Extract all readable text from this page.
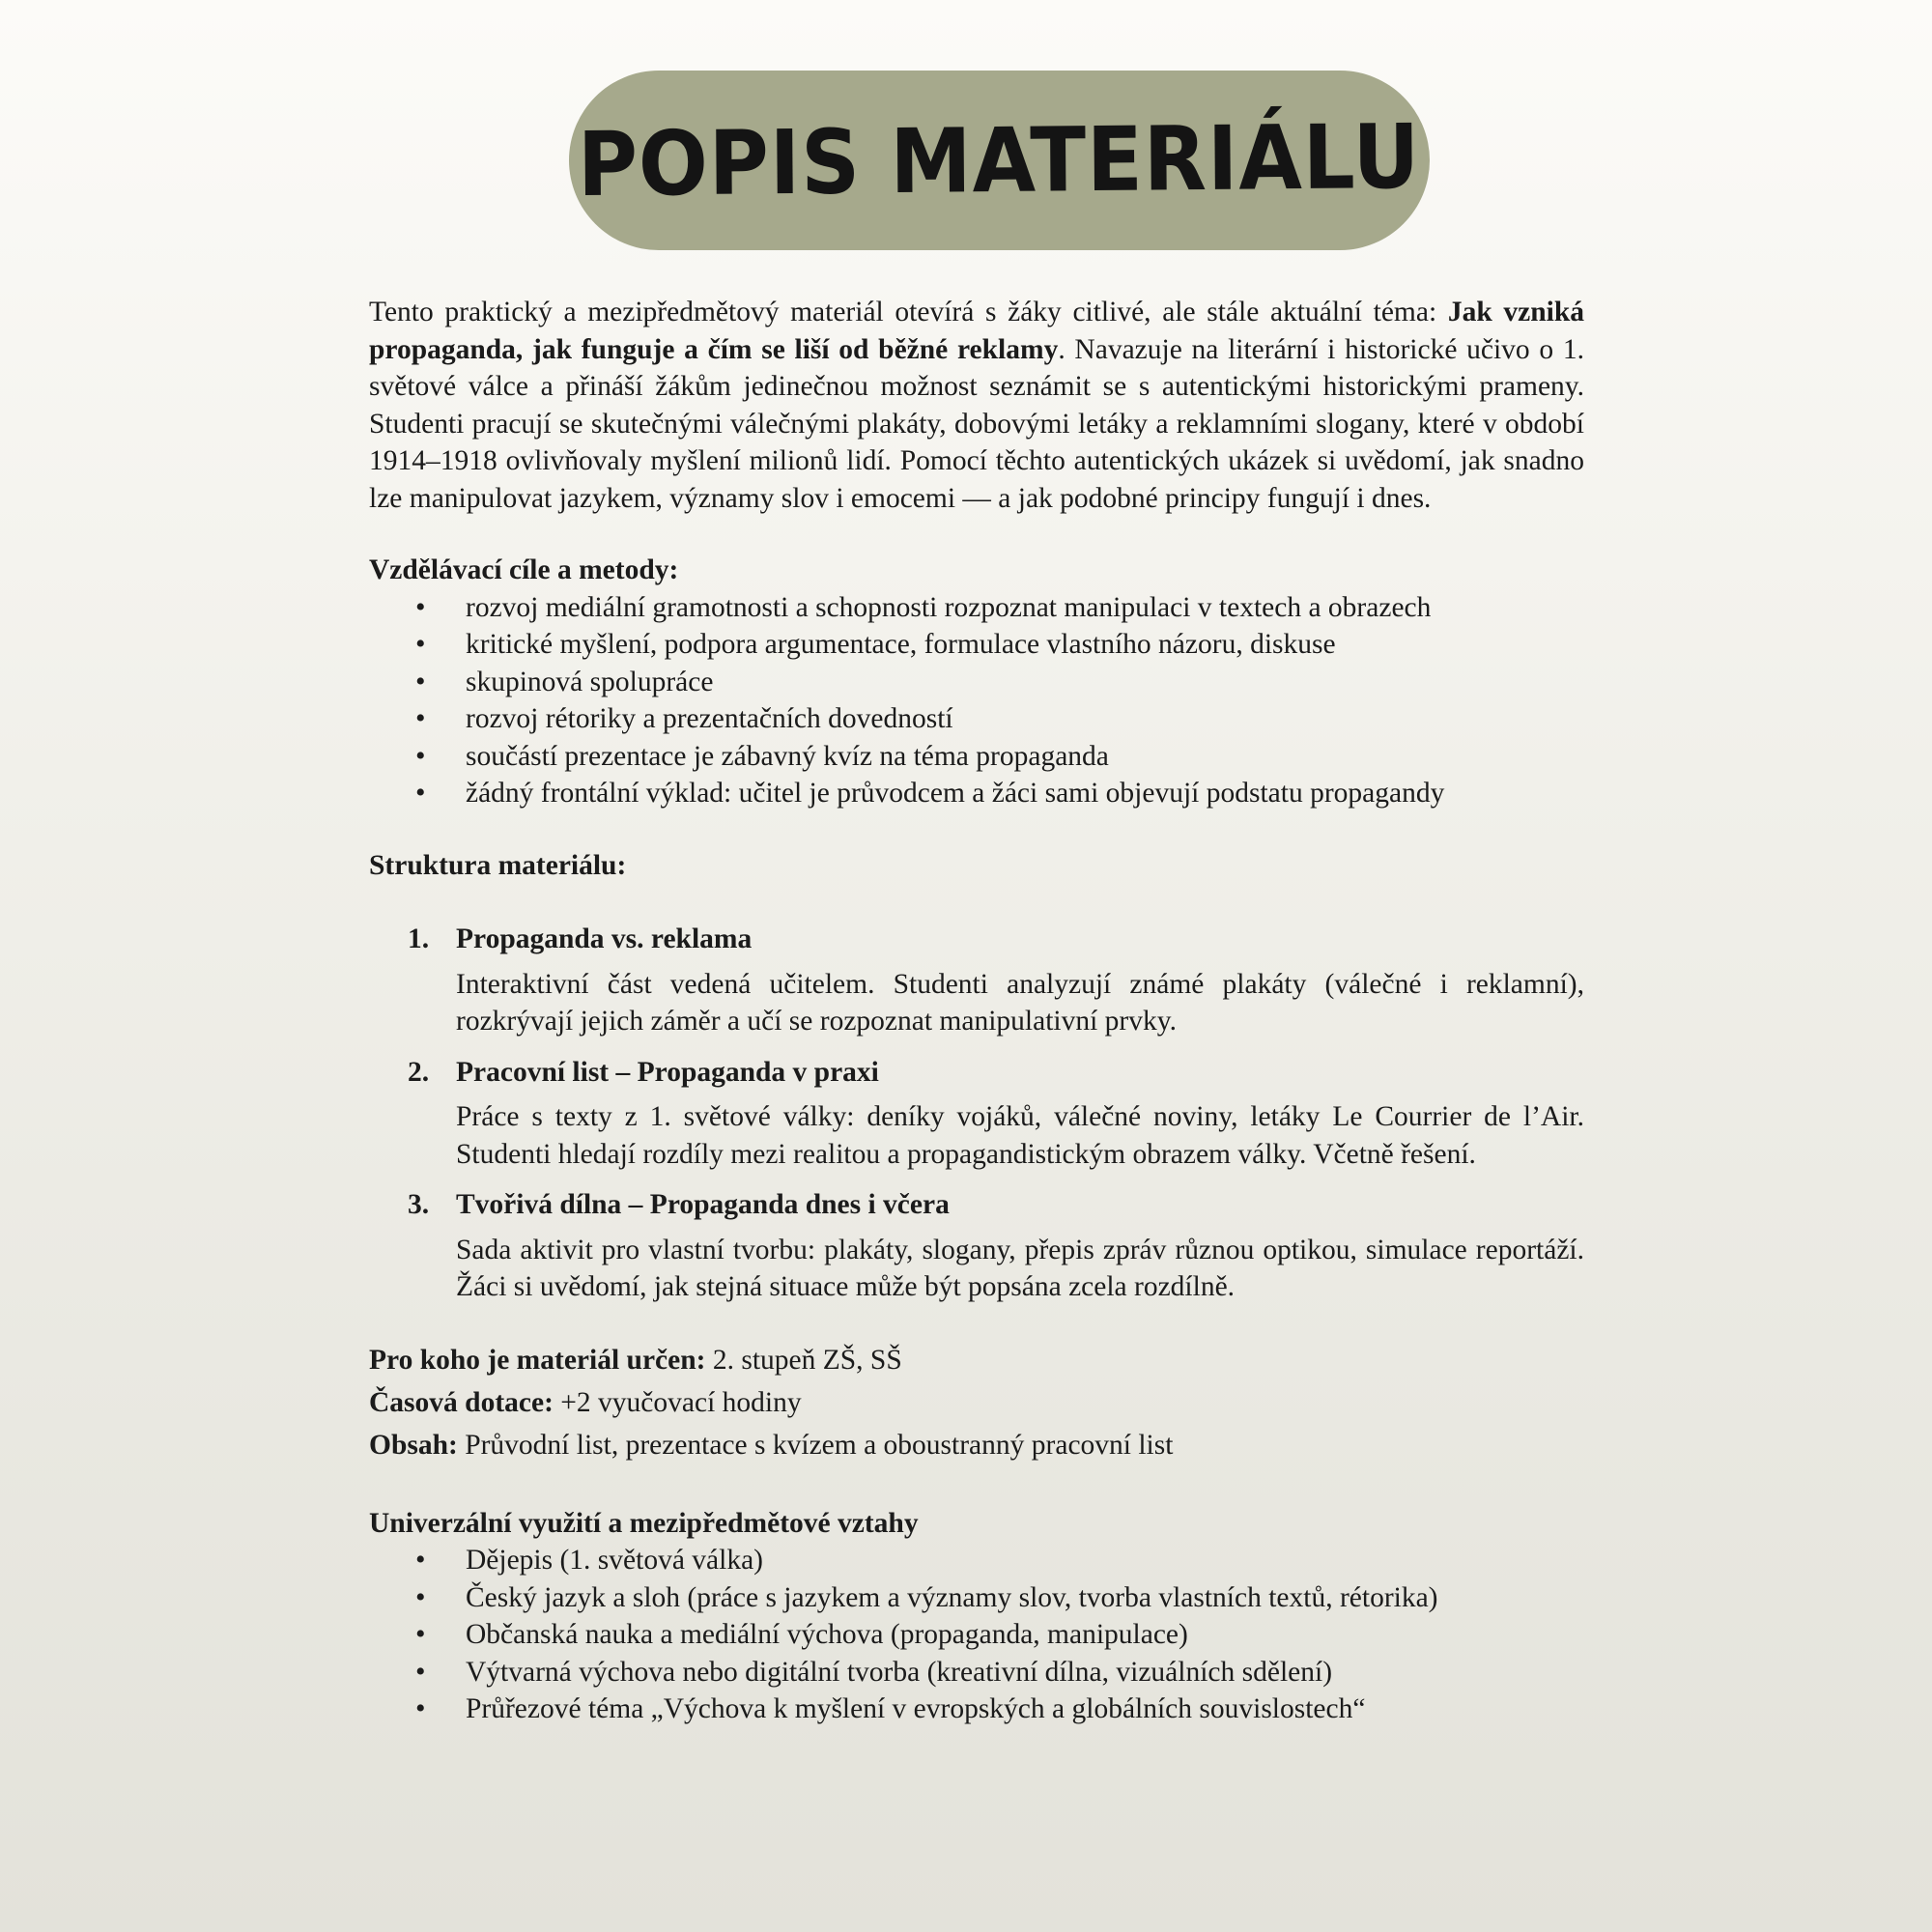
POPIS MATERIÁLU

Tento praktický a mezipředmětový materiál otevírá s žáky citlivé, ale stále aktuální téma: Jak vzniká propaganda, jak funguje a čím se liší od běžné reklamy. Navazuje na literární i historické učivo o 1. světové válce a přináší žákům jedinečnou možnost seznámit se s autentickými historickými prameny. Studenti pracují se skutečnými válečnými plakáty, dobovými letáky a reklamními slogany, které v období 1914–1918 ovlivňovaly myšlení milionů lidí. Pomocí těchto autentických ukázek si uvědomí, jak snadno lze manipulovat jazykem, významy slov i emocemi — a jak podobné principy fungují i dnes.

Vzdělávací cíle a metody:

• rozvoj mediální gramotnosti a schopnosti rozpoznat manipulaci v textech a obrazech
• kritické myšlení, podpora argumentace, formulace vlastního názoru, diskuse
• skupinová spolupráce
• rozvoj rétoriky a prezentačních dovedností
• součástí prezentace je zábavný kvíz na téma propaganda
• žádný frontální výklad: učitel je průvodcem a žáci sami objevují podstatu propagandy

Struktura materiálu:

1. Propaganda vs. reklama
Interaktivní část vedená učitelem. Studenti analyzují známé plakáty (válečné i reklamní), rozkrývají jejich záměr a učí se rozpoznat manipulativní prvky.
2. Pracovní list – Propaganda v praxi
Práce s texty z 1. světové války: deníky vojáků, válečné noviny, letáky Le Courrier de l’Air. Studenti hledají rozdíly mezi realitou a propagandistickým obrazem války. Včetně řešení.
3. Tvořivá dílna – Propaganda dnes i včera
Sada aktivit pro vlastní tvorbu: plakáty, slogany, přepis zpráv různou optikou, simulace reportáží. Žáci si uvědomí, jak stejná situace může být popsána zcela rozdílně.
Pro koho je materiál určen: 2. stupeň ZŠ, SŠ
Časová dotace: +2 vyučovací hodiny
Obsah: Průvodní list, prezentace s kvízem a oboustranný pracovní list

Univerzální využití a mezipředmětové vztahy

• Dějepis (1. světová válka)
• Český jazyk a sloh (práce s jazykem a významy slov, tvorba vlastních textů, rétorika)
• Občanská nauka a mediální výchova (propaganda, manipulace)
• Výtvarná výchova nebo digitální tvorba (kreativní dílna, vizuálních sdělení)
• Průřezové téma „Výchova k myšlení v evropských a globálních souvislostech“
